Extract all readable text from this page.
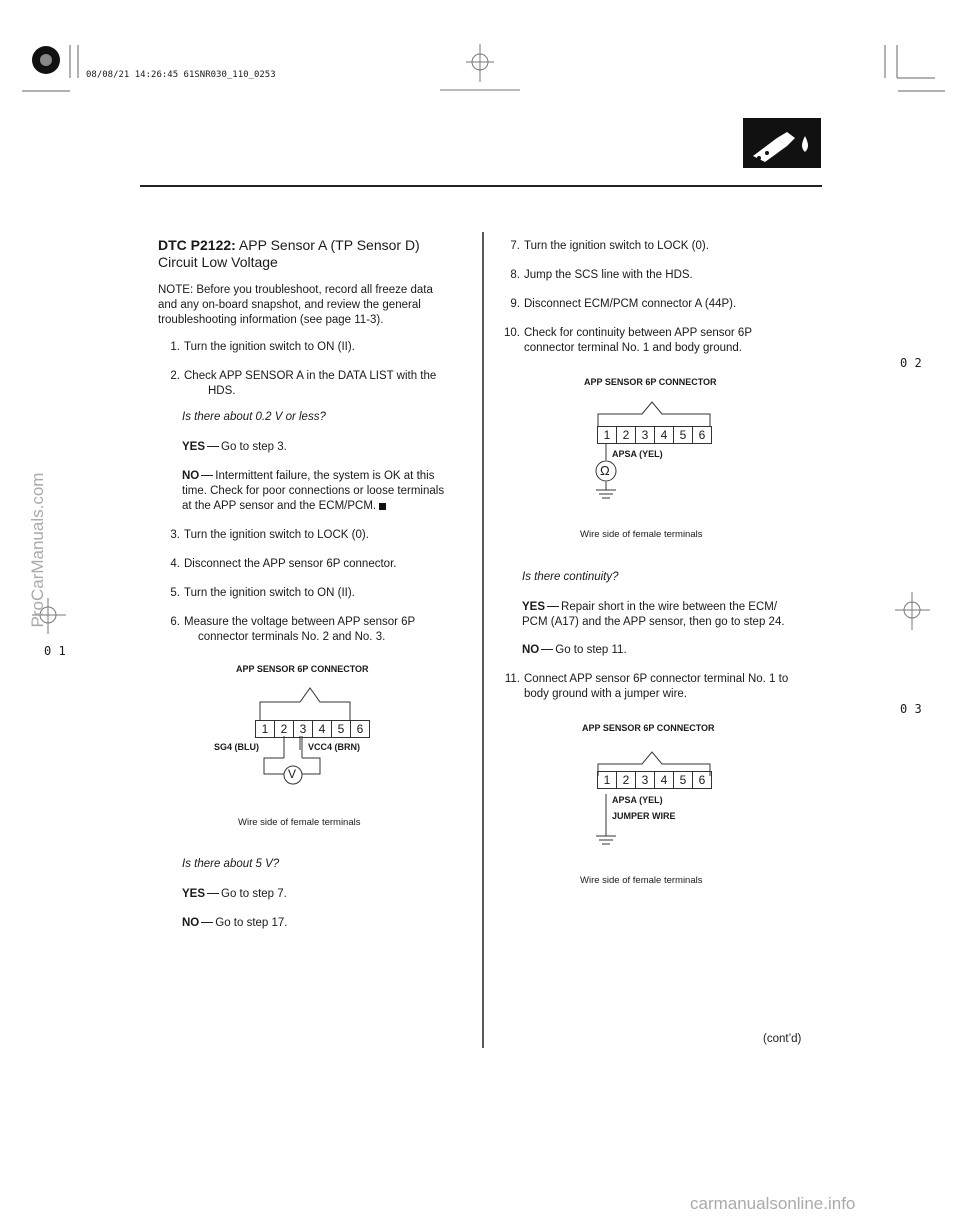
08/08/21 14:26:45 61SNR030_110_0253
0 2
0 1
0 3
ProCarManuals.com
carmanualsonline.info
DTC P2122: APP Sensor A (TP Sensor D)
Circuit Low Voltage
NOTE: Before you troubleshoot, record all freeze data
and any on-board snapshot, and review the general
troubleshooting information (see page 11-3).
1. Turn the ignition switch to ON (II).
2. Check APP SENSOR A in the DATA LIST with the
HDS.
Is there about 0.2 V or less?
YES Go to step 3.
NO Intermittent failure, the system is OK at this
time. Check for poor connections or loose terminals
at the APP sensor and the ECM/PCM.
3. Turn the ignition switch to LOCK (0).
4. Disconnect the APP sensor 6P connector.
5. Turn the ignition switch to ON (II).
6. Measure the voltage between APP sensor 6P
connector terminals No. 2 and No. 3.
APP SENSOR 6P CONNECTOR
1	2	3	4	5	6
SG4 (BLU)	VCC4 (BRN)
V
Wire side of female terminals
Is there about 5 V?
YES Go to step 7.
NO Go to step 17.
7. Turn the ignition switch to LOCK (0).
8. Jump the SCS line with the HDS.
9. Disconnect ECM/PCM connector A (44P).
10. Check for continuity between APP sensor 6P
connector terminal No. 1 and body ground.
APP SENSOR 6P CONNECTOR
1	2	3	4	5	6
APSA (YEL)
Ω
Wire side of female terminals
Is there continuity?
YES Repair short in the wire between the ECM/
PCM (A17) and the APP sensor, then go to step 24.
NO Go to step 11.
11. Connect APP sensor 6P connector terminal No. 1 to
body ground with a jumper wire.
APP SENSOR 6P CONNECTOR
1	2	3	4	5	6
APSA (YEL)
JUMPER WIRE
Wire side of female terminals
(cont’d)
